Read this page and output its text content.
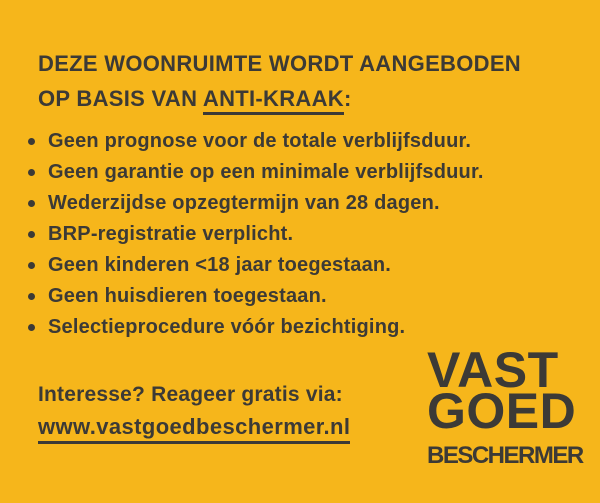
DEZE WOONRUIMTE WORDT AANGEBODEN
OP BASIS VAN ANTI-KRAAK:
Geen prognose voor de totale verblijfsduur.
Geen garantie op een minimale verblijfsduur.
Wederzijdse opzegtermijn van 28 dagen.
BRP-registratie verplicht.
Geen kinderen <18 jaar toegestaan.
Geen huisdieren toegestaan.
Selectieprocedure vóór bezichtiging.
Interesse? Reageer gratis via:
www.vastgoedbeschermer.nl
VAST
GOED
BESCHERMER
